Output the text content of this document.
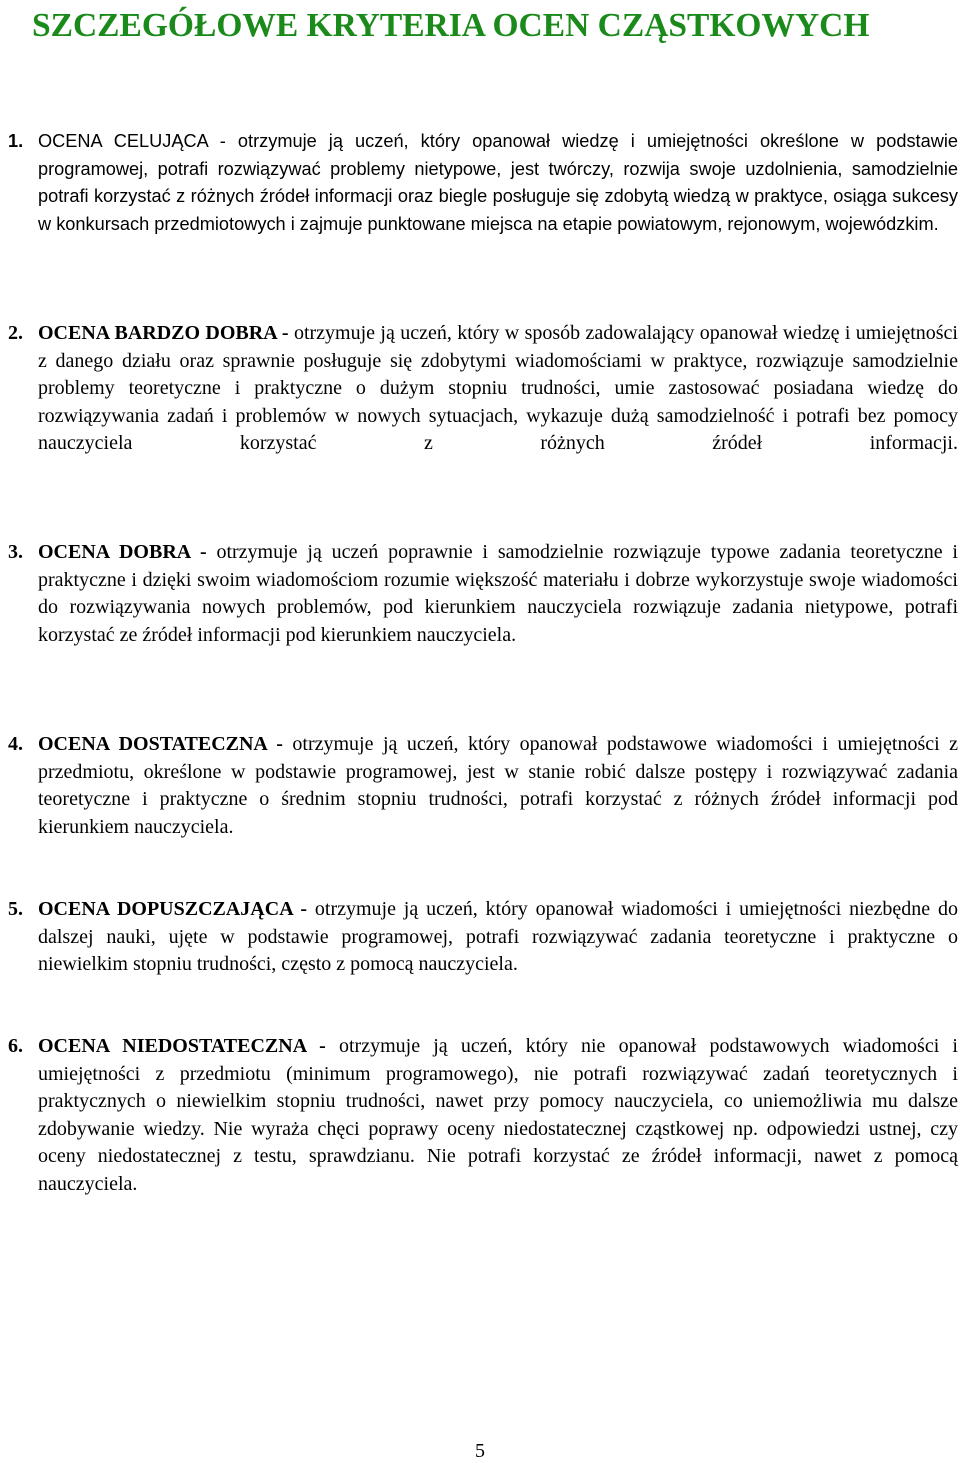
SZCZEGÓŁOWE KRYTERIA OCEN CZĄSTKOWYCH
1. OCENA CELUJĄCA - otrzymuje ją uczeń, który opanował wiedzę i umiejętności określone w podstawie programowej, potrafi rozwiązywać problemy nietypowe, jest twórczy, rozwija swoje uzdolnienia, samodzielnie potrafi korzystać z różnych źródeł informacji oraz biegle posługuje się zdobytą wiedzą w praktyce, osiąga sukcesy w konkursach przedmiotowych i zajmuje punktowane miejsca na etapie powiatowym, rejonowym, wojewódzkim.
2. OCENA BARDZO DOBRA - otrzymuje ją uczeń, który w sposób zadowalający opanował wiedzę i umiejętności z danego działu oraz sprawnie posługuje się zdobytymi wiadomościami w praktyce, rozwiązuje samodzielnie problemy teoretyczne i praktyczne o dużym stopniu trudności, umie zastosować posiadana wiedzę do rozwiązywania zadań i problemów w nowych sytuacjach, wykazuje dużą samodzielność i potrafi bez pomocy nauczyciela korzystać z różnych źródeł informacji.
3. OCENA DOBRA - otrzymuje ją uczeń poprawnie i samodzielnie rozwiązuje typowe zadania teoretyczne i praktyczne i dzięki swoim wiadomościom rozumie większość materiału i dobrze wykorzystuje swoje wiadomości do rozwiązywania nowych problemów, pod kierunkiem nauczyciela rozwiązuje zadania nietypowe, potrafi korzystać ze źródeł informacji pod kierunkiem nauczyciela.
4. OCENA DOSTATECZNA - otrzymuje ją uczeń, który opanował podstawowe wiadomości i umiejętności z przedmiotu, określone w podstawie programowej, jest w stanie robić dalsze postępy i rozwiązywać zadania teoretyczne i praktyczne o średnim stopniu trudności, potrafi korzystać z różnych źródeł informacji pod kierunkiem nauczyciela.
5. OCENA DOPUSZCZAJĄCA - otrzymuje ją uczeń, który opanował wiadomości i umiejętności niezbędne do dalszej nauki, ujęte w podstawie programowej, potrafi rozwiązywać zadania teoretyczne i praktyczne o niewielkim stopniu trudności, często z pomocą nauczyciela.
6. OCENA NIEDOSTATECZNA - otrzymuje ją uczeń, który nie opanował podstawowych wiadomości i umiejętności z przedmiotu (minimum programowego), nie potrafi rozwiązywać zadań teoretycznych i praktycznych o niewielkim stopniu trudności, nawet przy pomocy nauczyciela, co uniemożliwia mu dalsze zdobywanie wiedzy. Nie wyraża chęci poprawy oceny niedostatecznej cząstkowej np. odpowiedzi ustnej, czy oceny niedostatecznej z testu, sprawdzianu. Nie potrafi korzystać ze źródeł informacji, nawet z pomocą nauczyciela.
5
